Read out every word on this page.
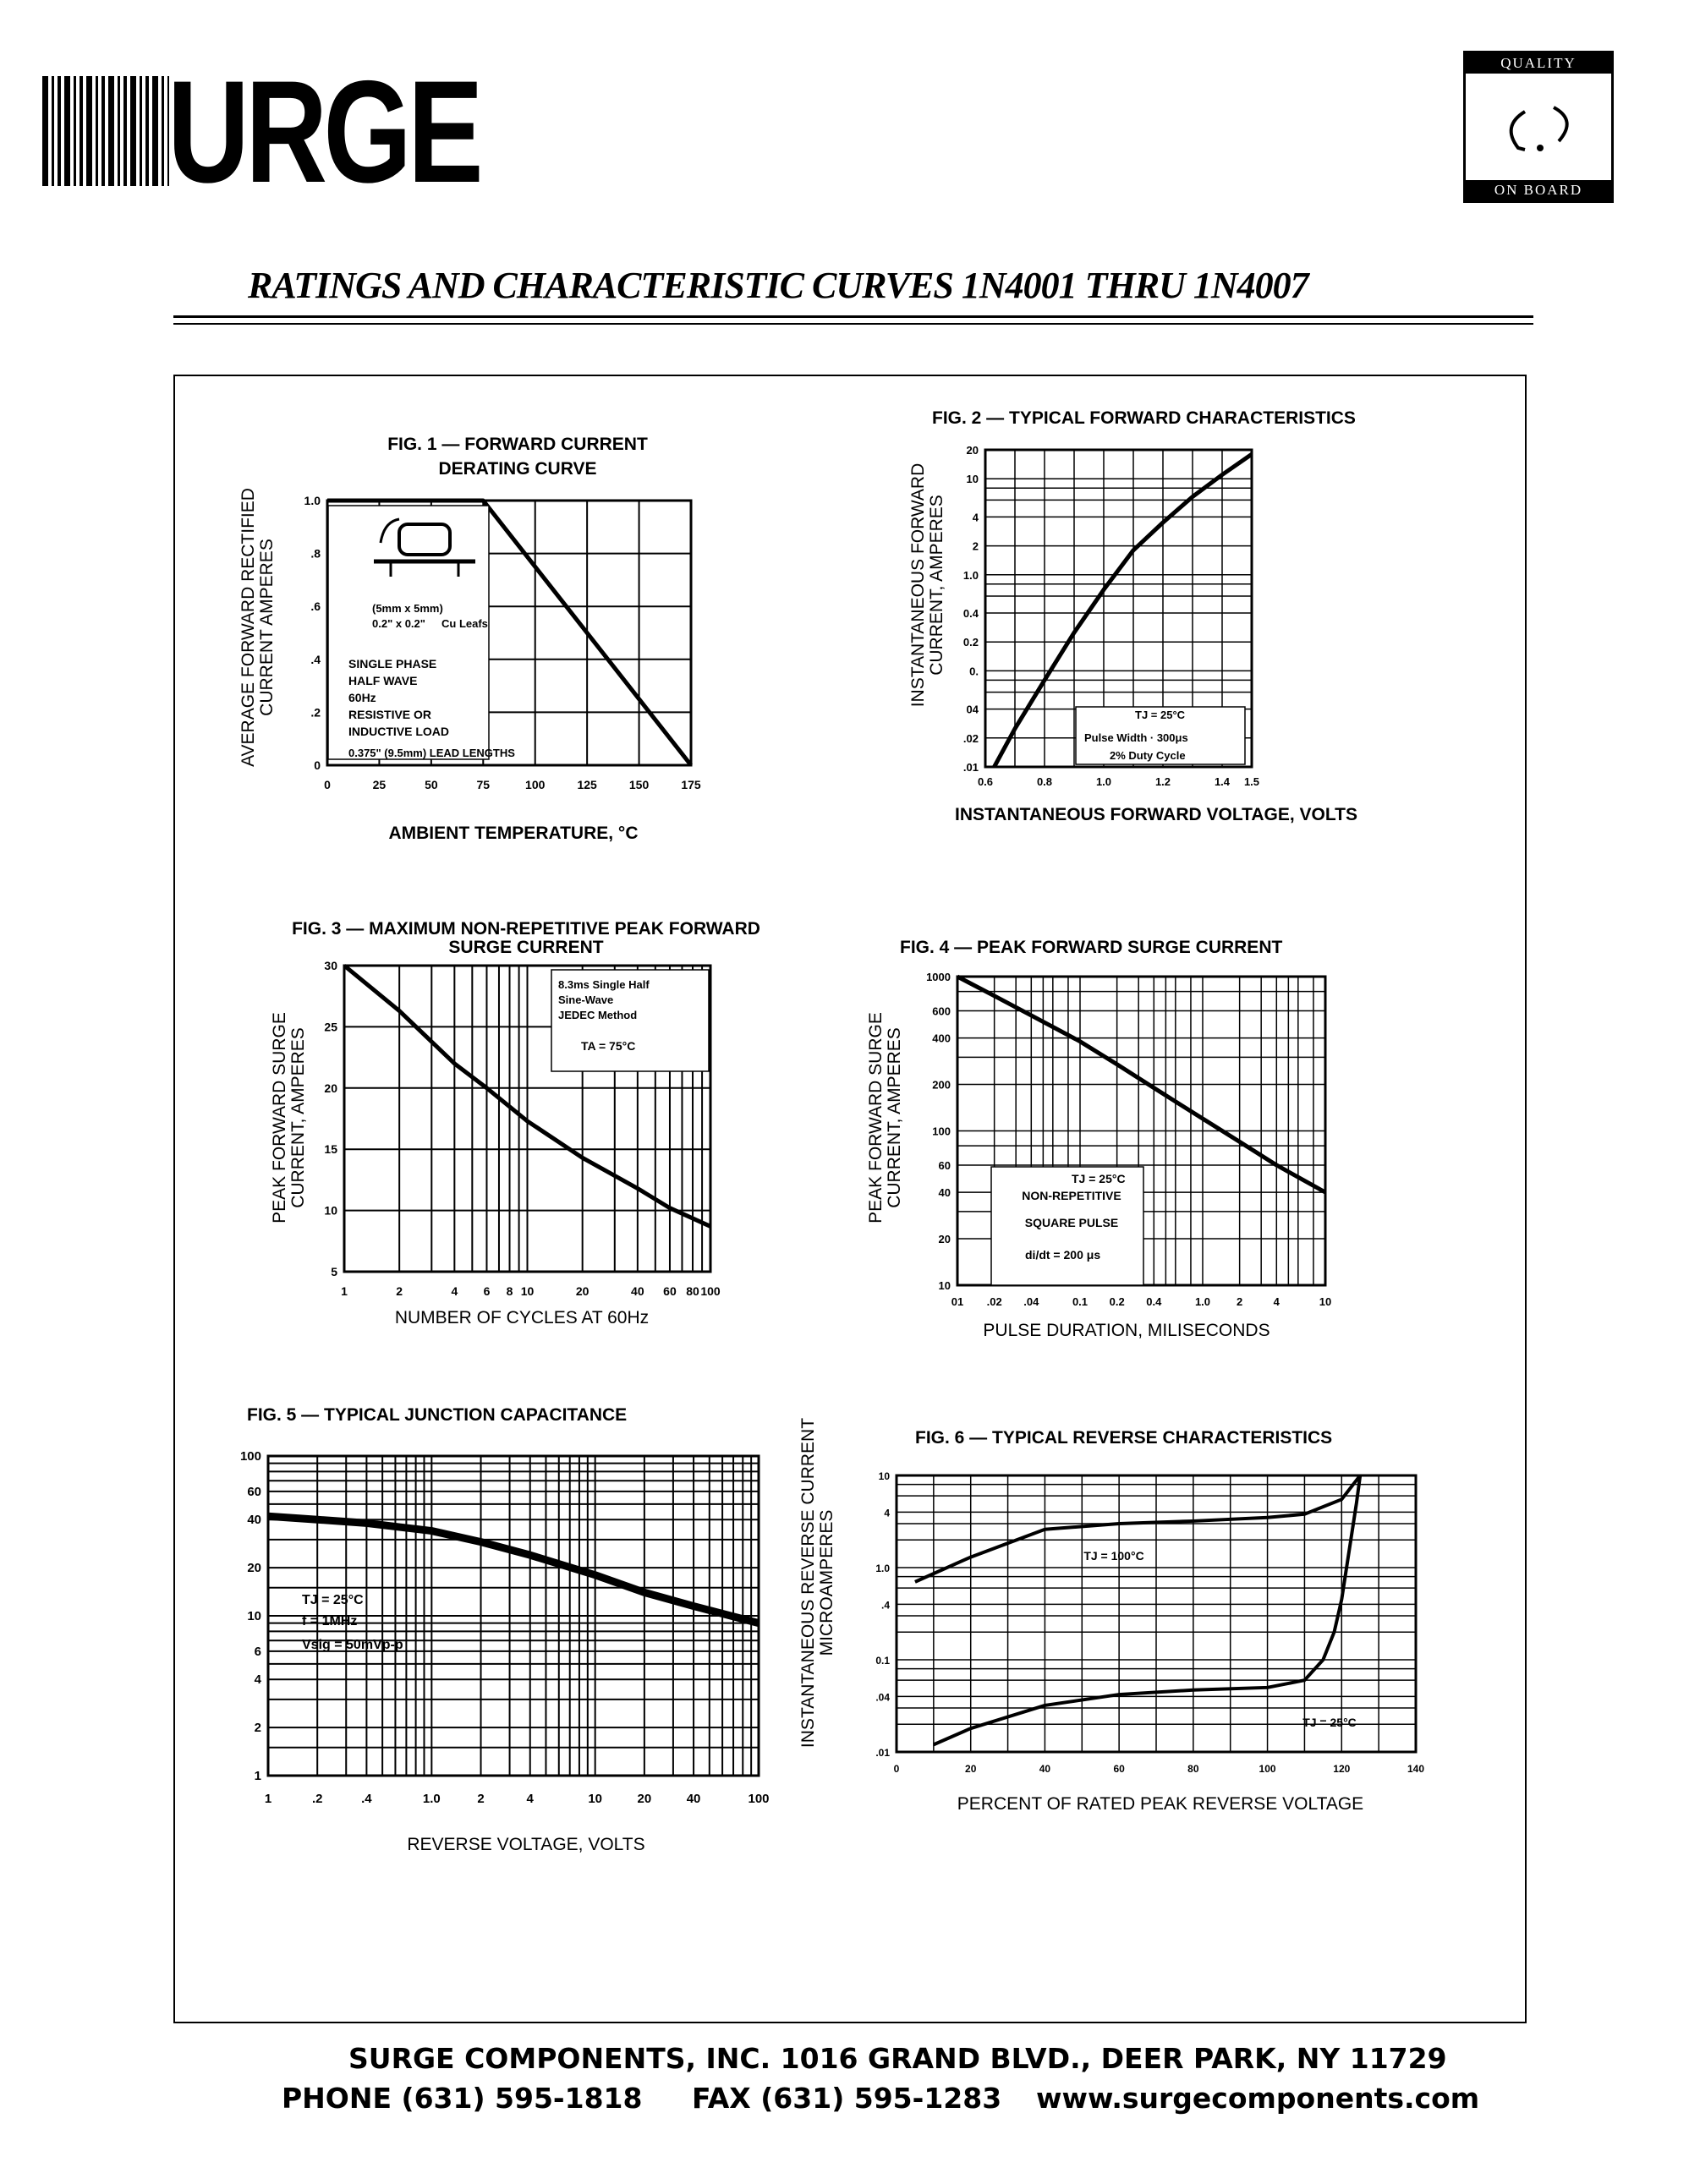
URGE	QUALITY
ON BOARD
RATINGS AND CHARACTERISTIC CURVES 1N4001 THRU 1N4007
FIG. 1 — FORWARD CURRENT
DERATING CURVE
0	25	50	75	100	125	150	175
0
.2
.4
.6
.8
1.0
AMBIENT TEMPERATURE, °C
AVERAGE FORWARD RECTIFIED CURRENT AMPERES	(5mm x 5mm)
0.2" x 0.2" Cu Leafs
SINGLE PHASE
HALF WAVE
60Hz
RESISTIVE OR
INDUCTIVE LOAD
0.375" (9.5mm) LEAD LENGTHS
FIG. 2 — TYPICAL FORWARD CHARACTERISTICS
0.6	0.8	1.0	1.2	1.4 1.5
20
10
4
2
1.0
0.4
0.2
0.
04
.02
.01
INSTANTANEOUS FORWARD VOLTAGE, VOLTS
INSTANTANEOUS FORWARD CURRENT, AMPERES
TJ = 25°C
Pulse Width · 300μs
2% Duty Cycle
FIG. 3 — MAXIMUM NON-REPETITIVE PEAK FORWARD
SURGE CURRENT
1	2	4 6 8 10	20	40 60 80 100
30
25
20
15
10
5
NUMBER OF CYCLES AT 60Hz
PEAK FORWARD SURGE CURRENT, AMPERES
8.3ms Single Half
Sine-Wave
JEDEC Method
TA = 75°C
FIG. 4 — PEAK FORWARD SURGE CURRENT
01 .02 .04	0.1 0.2 0.4	1.0 2	4	10
1000
600
400
200
100
60
40
20
10
PULSE DURATION, MILISECONDS
PEAK FORWARD SURGE CURRENT, AMPERES	TJ = 25°C
NON-REPETITIVE
SQUARE PULSE
di/dt = 200 μs
FIG. 5 — TYPICAL JUNCTION CAPACITANCE
1	.2	.4	1.0	2	4	10	20	40	100
100
60
40
20
10
6
4
2
1
REVERSE VOLTAGE, VOLTS
TJ = 25°C
f = 1MHz
Vsig = 50mVp-p
FIG. 6 — TYPICAL REVERSE CHARACTERISTICS
0	20	40	60	80	100	120	140
10
4
1.0
.4
0.1
.04
.01
PERCENT OF RATED PEAK REVERSE VOLTAGE
INSTANTANEOUS REVERSE CURRENT MICROAMPERES	TJ = 100°C
TJ = 25°C
SURGE COMPONENTS, INC. 1016 GRAND BLVD., DEER PARK, NY 11729
PHONE (631) 595-1818 FAX (631) 595-1283 www.surgecomponents.com
